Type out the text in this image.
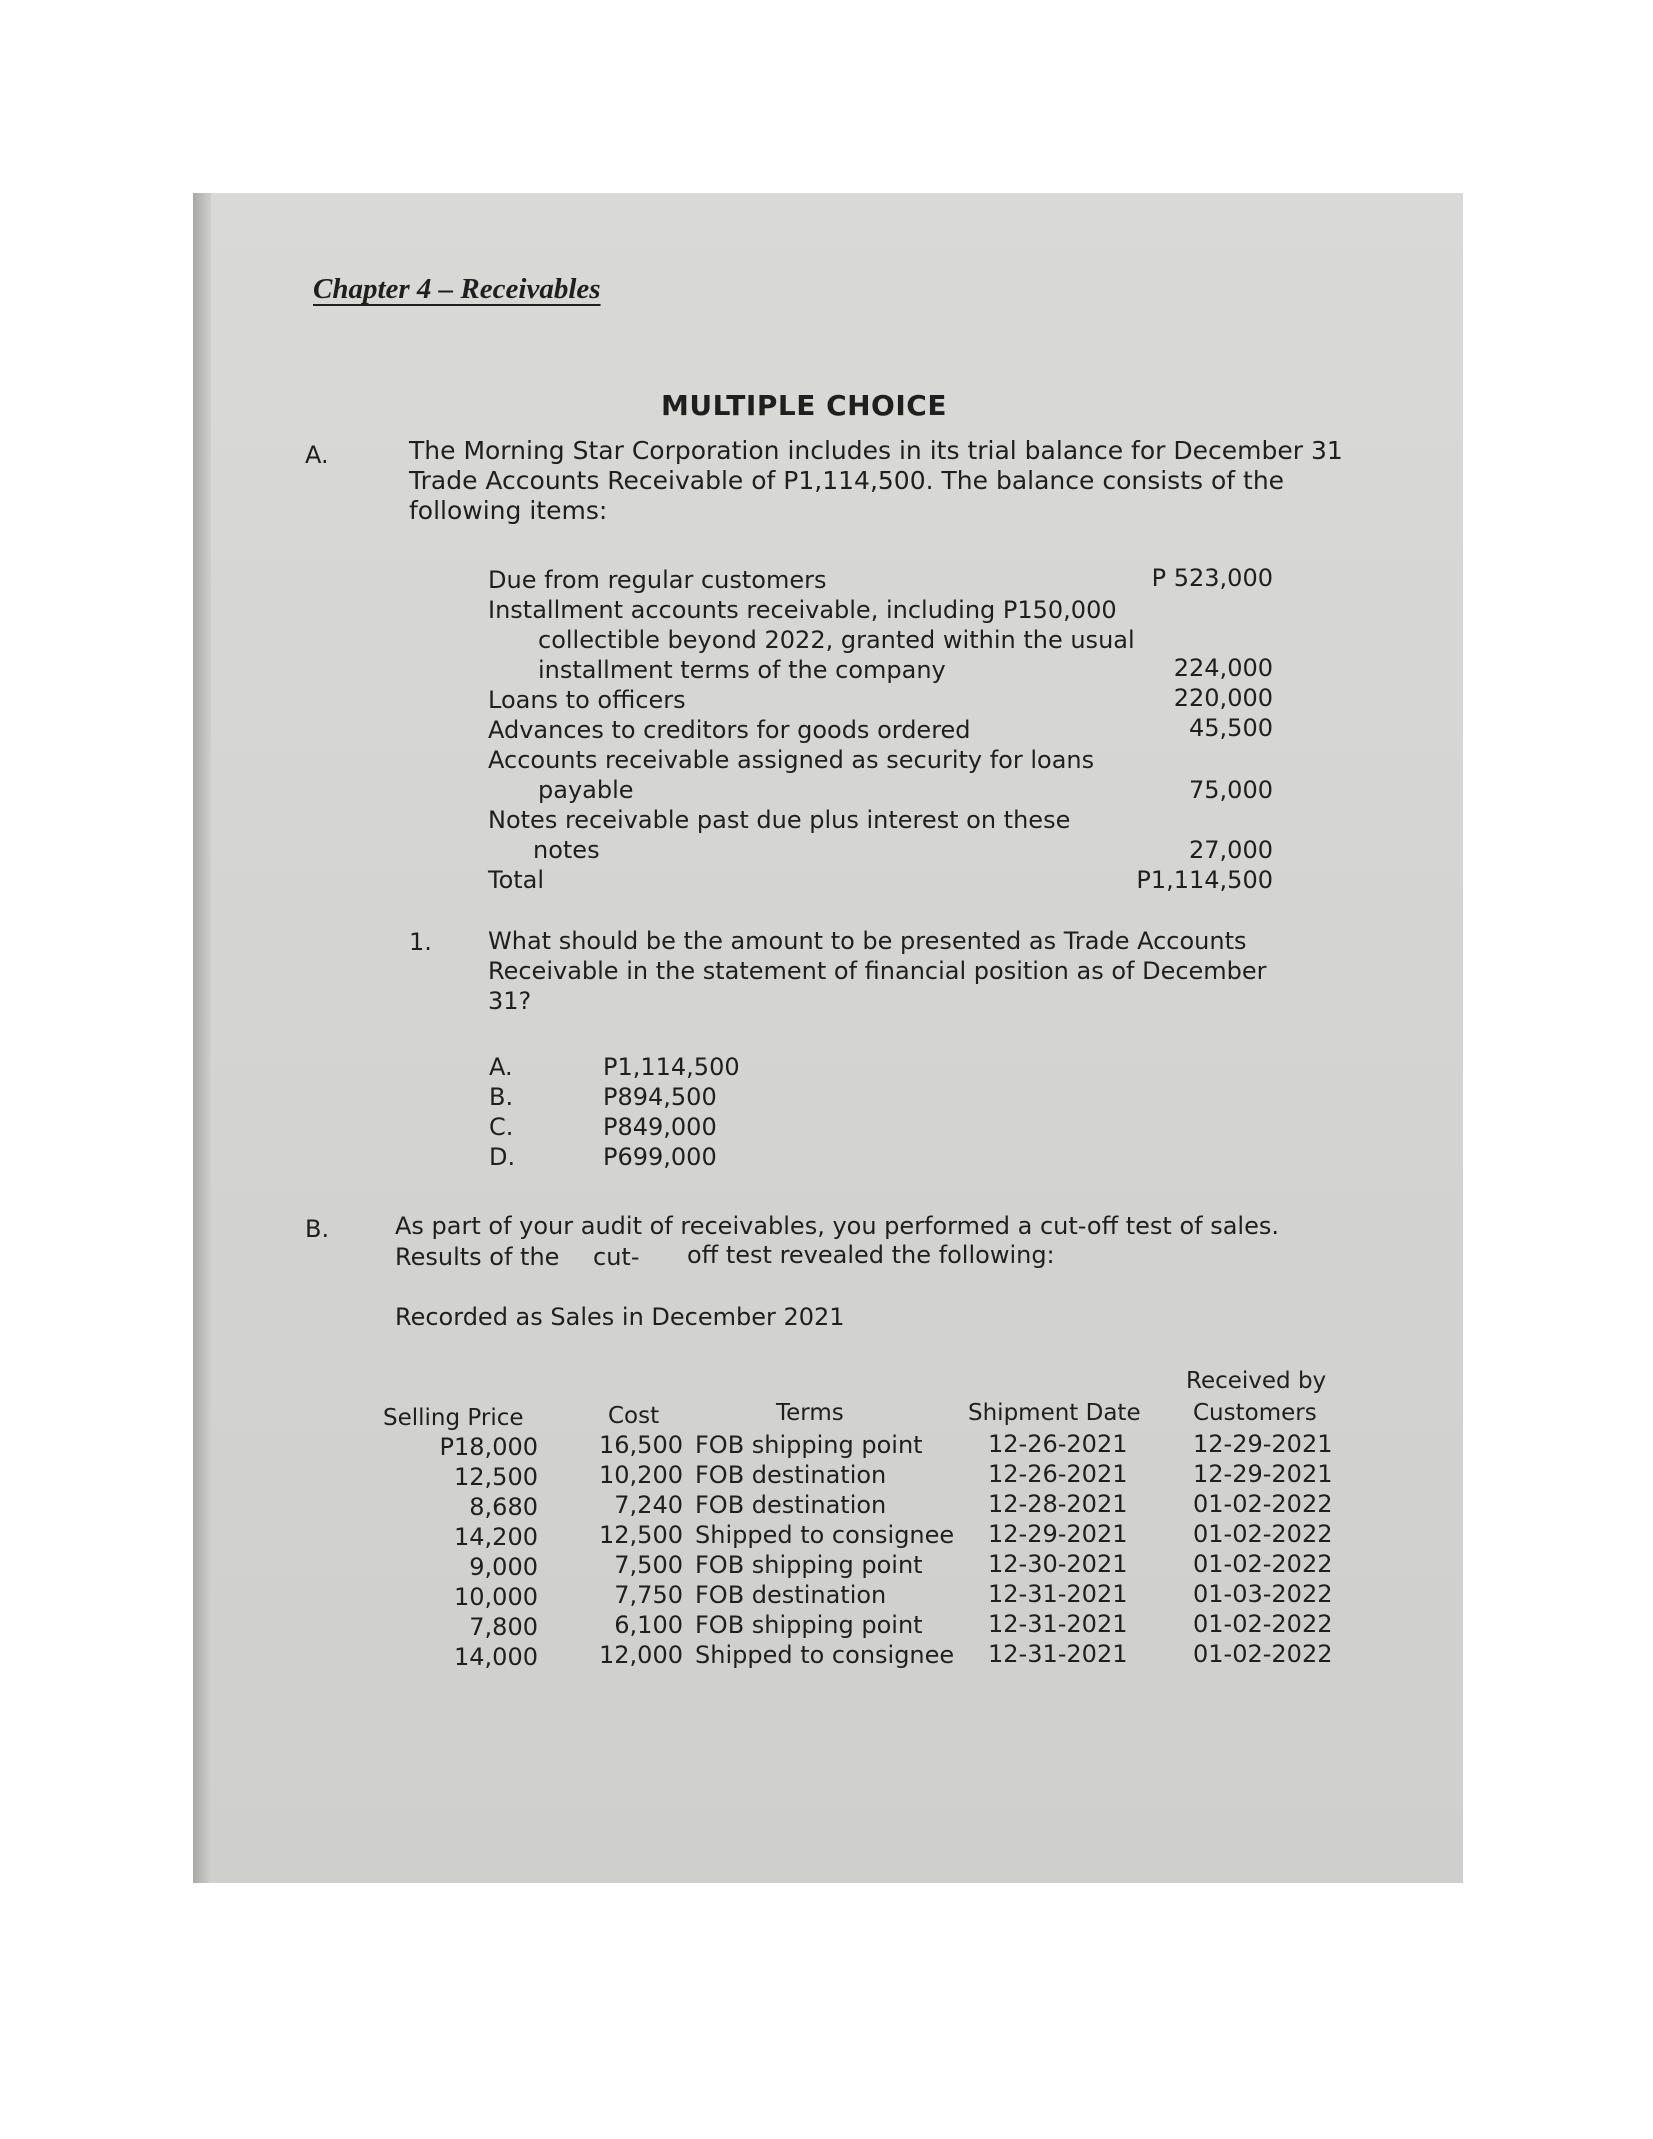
Chapter 4 – Receivables
MULTIPLE CHOICE
A.	The Morning Star Corporation includes in its trial balance for December 31
Trade Accounts Receivable of P1,114,500. The balance consists of the
following items:
Due from regular customers	P 523,000
Installment accounts receivable, including P150,000
collectible beyond 2022, granted within the usual
installment terms of the company	224,000
Loans to officers	220,000
Advances to creditors for goods ordered	45,500
Accounts receivable assigned as security for loans
payable	75,000
Notes receivable past due plus interest on these
notes	27,000
Total	P1,114,500
1. What should be the amount to be presented as Trade Accounts
Receivable in the statement of financial position as of December
31?
A.	P1,114,500
B.	P894,500
C.	P849,000
D.	P699,000
B.	As part of your audit of receivables, you performed a cut-off test of sales.
Results of the cut- off test revealed the following:
Recorded as Sales in December 2021
Selling Price	Cost	Terms	Shipment Date
Received by
Customers
P18,000	16,500 FOB shipping point	12-26-2021	12-29-2021
12,500	10,200 FOB destination	12-26-2021	12-29-2021
8,680	7,240 FOB destination	12-28-2021	01-02-2022
14,200	12,500 Shipped to consignee 12-29-2021	01-02-2022
9,000	7,500 FOB shipping point	12-30-2021	01-02-2022
10,000	7,750 FOB destination	12-31-2021	01-03-2022
7,800	6,100 FOB shipping point	12-31-2021	01-02-2022
14,000	12,000 Shipped to consignee 12-31-2021	01-02-2022
